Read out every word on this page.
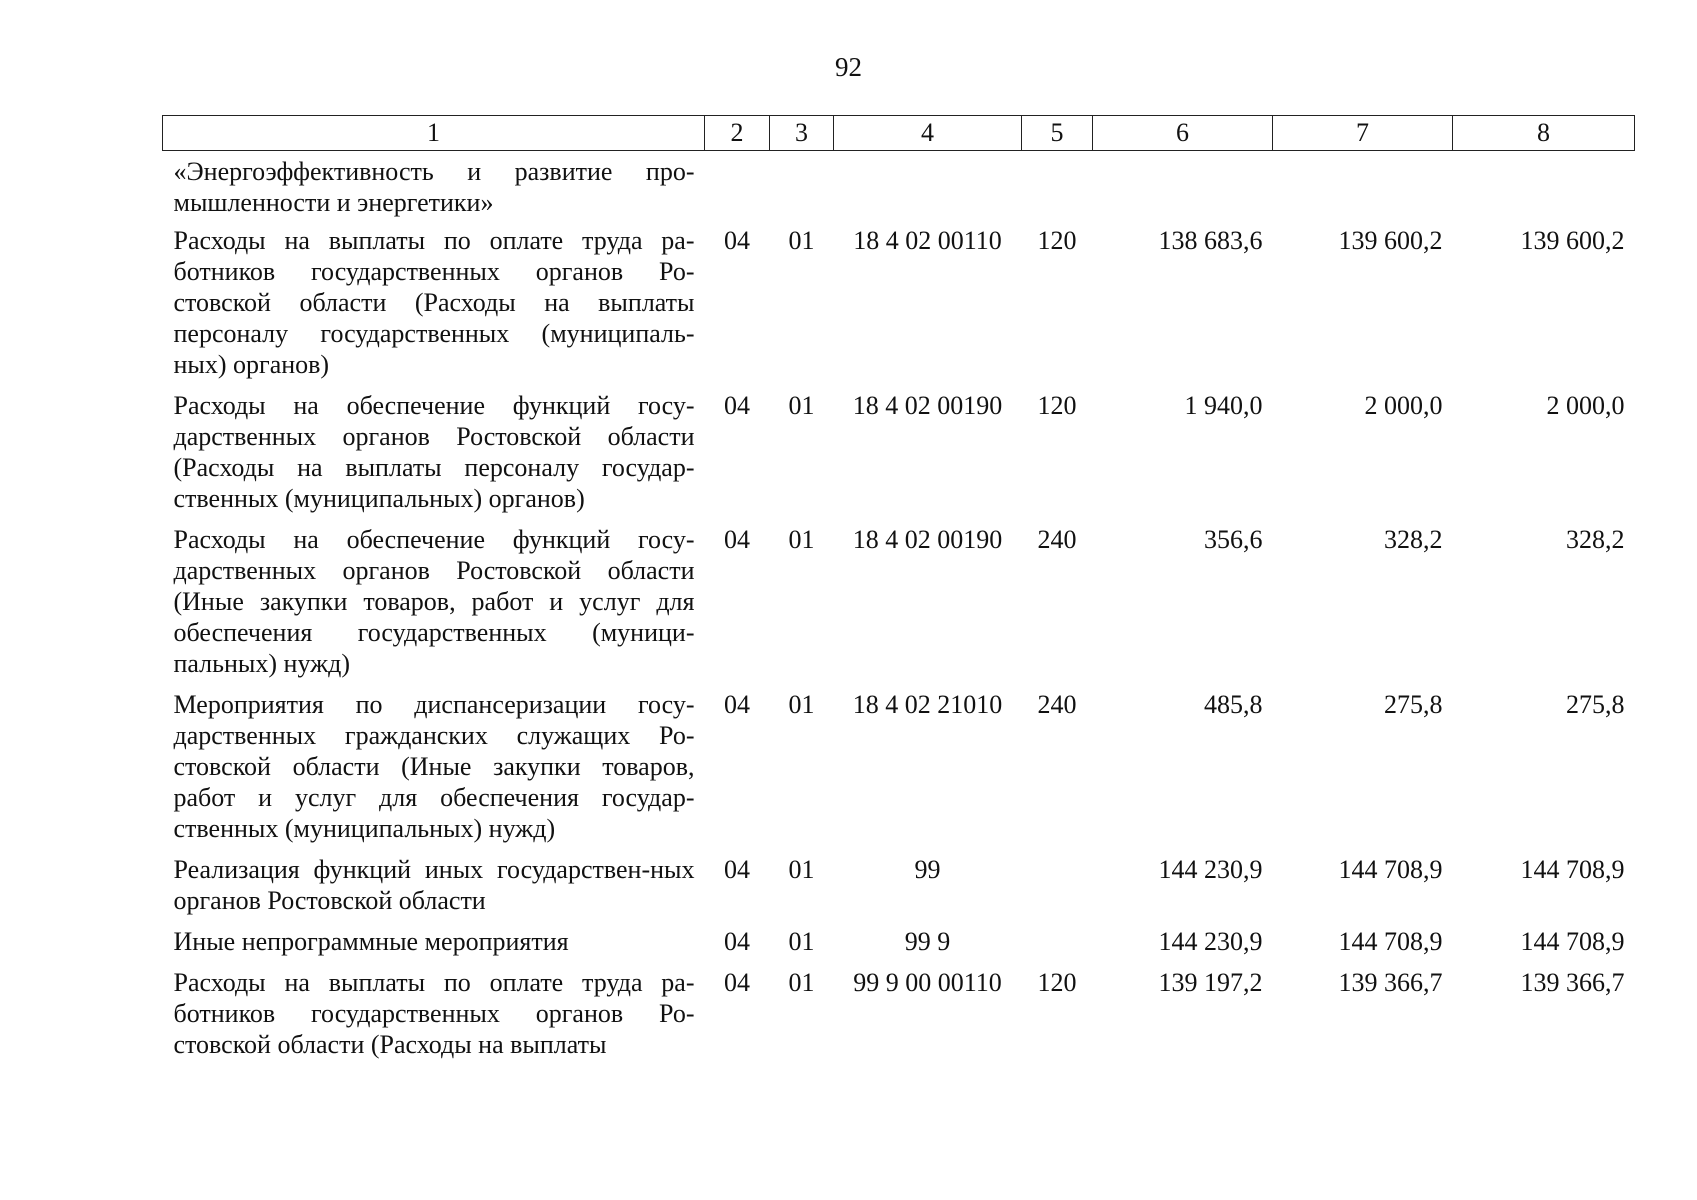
92
1	2	3	4	5	6	7	8
«Энергоэффективность и развитие про-мышленности и энергетики»							
Расходы на выплаты по оплате труда ра-ботников государственных органов Ро-стовской области (Расходы на выплаты персоналу государственных (муниципаль-ных) органов)	04	01	18 4 02 00110	120	138 683,6	139 600,2	139 600,2
Расходы на обеспечение функций госу-дарственных органов Ростовской области (Расходы на выплаты персоналу государ-ственных (муниципальных) органов)	04	01	18 4 02 00190	120	1 940,0	2 000,0	2 000,0
Расходы на обеспечение функций госу-дарственных органов Ростовской области (Иные закупки товаров, работ и услуг для обеспечения государственных (муници-пальных) нужд)	04	01	18 4 02 00190	240	356,6	328,2	328,2
Мероприятия по диспансеризации госу-дарственных гражданских служащих Ро-стовской области (Иные закупки товаров, работ и услуг для обеспечения государ-ственных (муниципальных) нужд)	04	01	18 4 02 21010	240	485,8	275,8	275,8
Реализация функций иных государствен-ных органов Ростовской области	04	01	99		144 230,9	144 708,9	144 708,9
Иные непрограммные мероприятия	04	01	99 9		144 230,9	144 708,9	144 708,9
Расходы на выплаты по оплате труда ра-ботников государственных органов Ро-стовской области (Расходы на выплаты	04	01	99 9 00 00110	120	139 197,2	139 366,7	139 366,7
